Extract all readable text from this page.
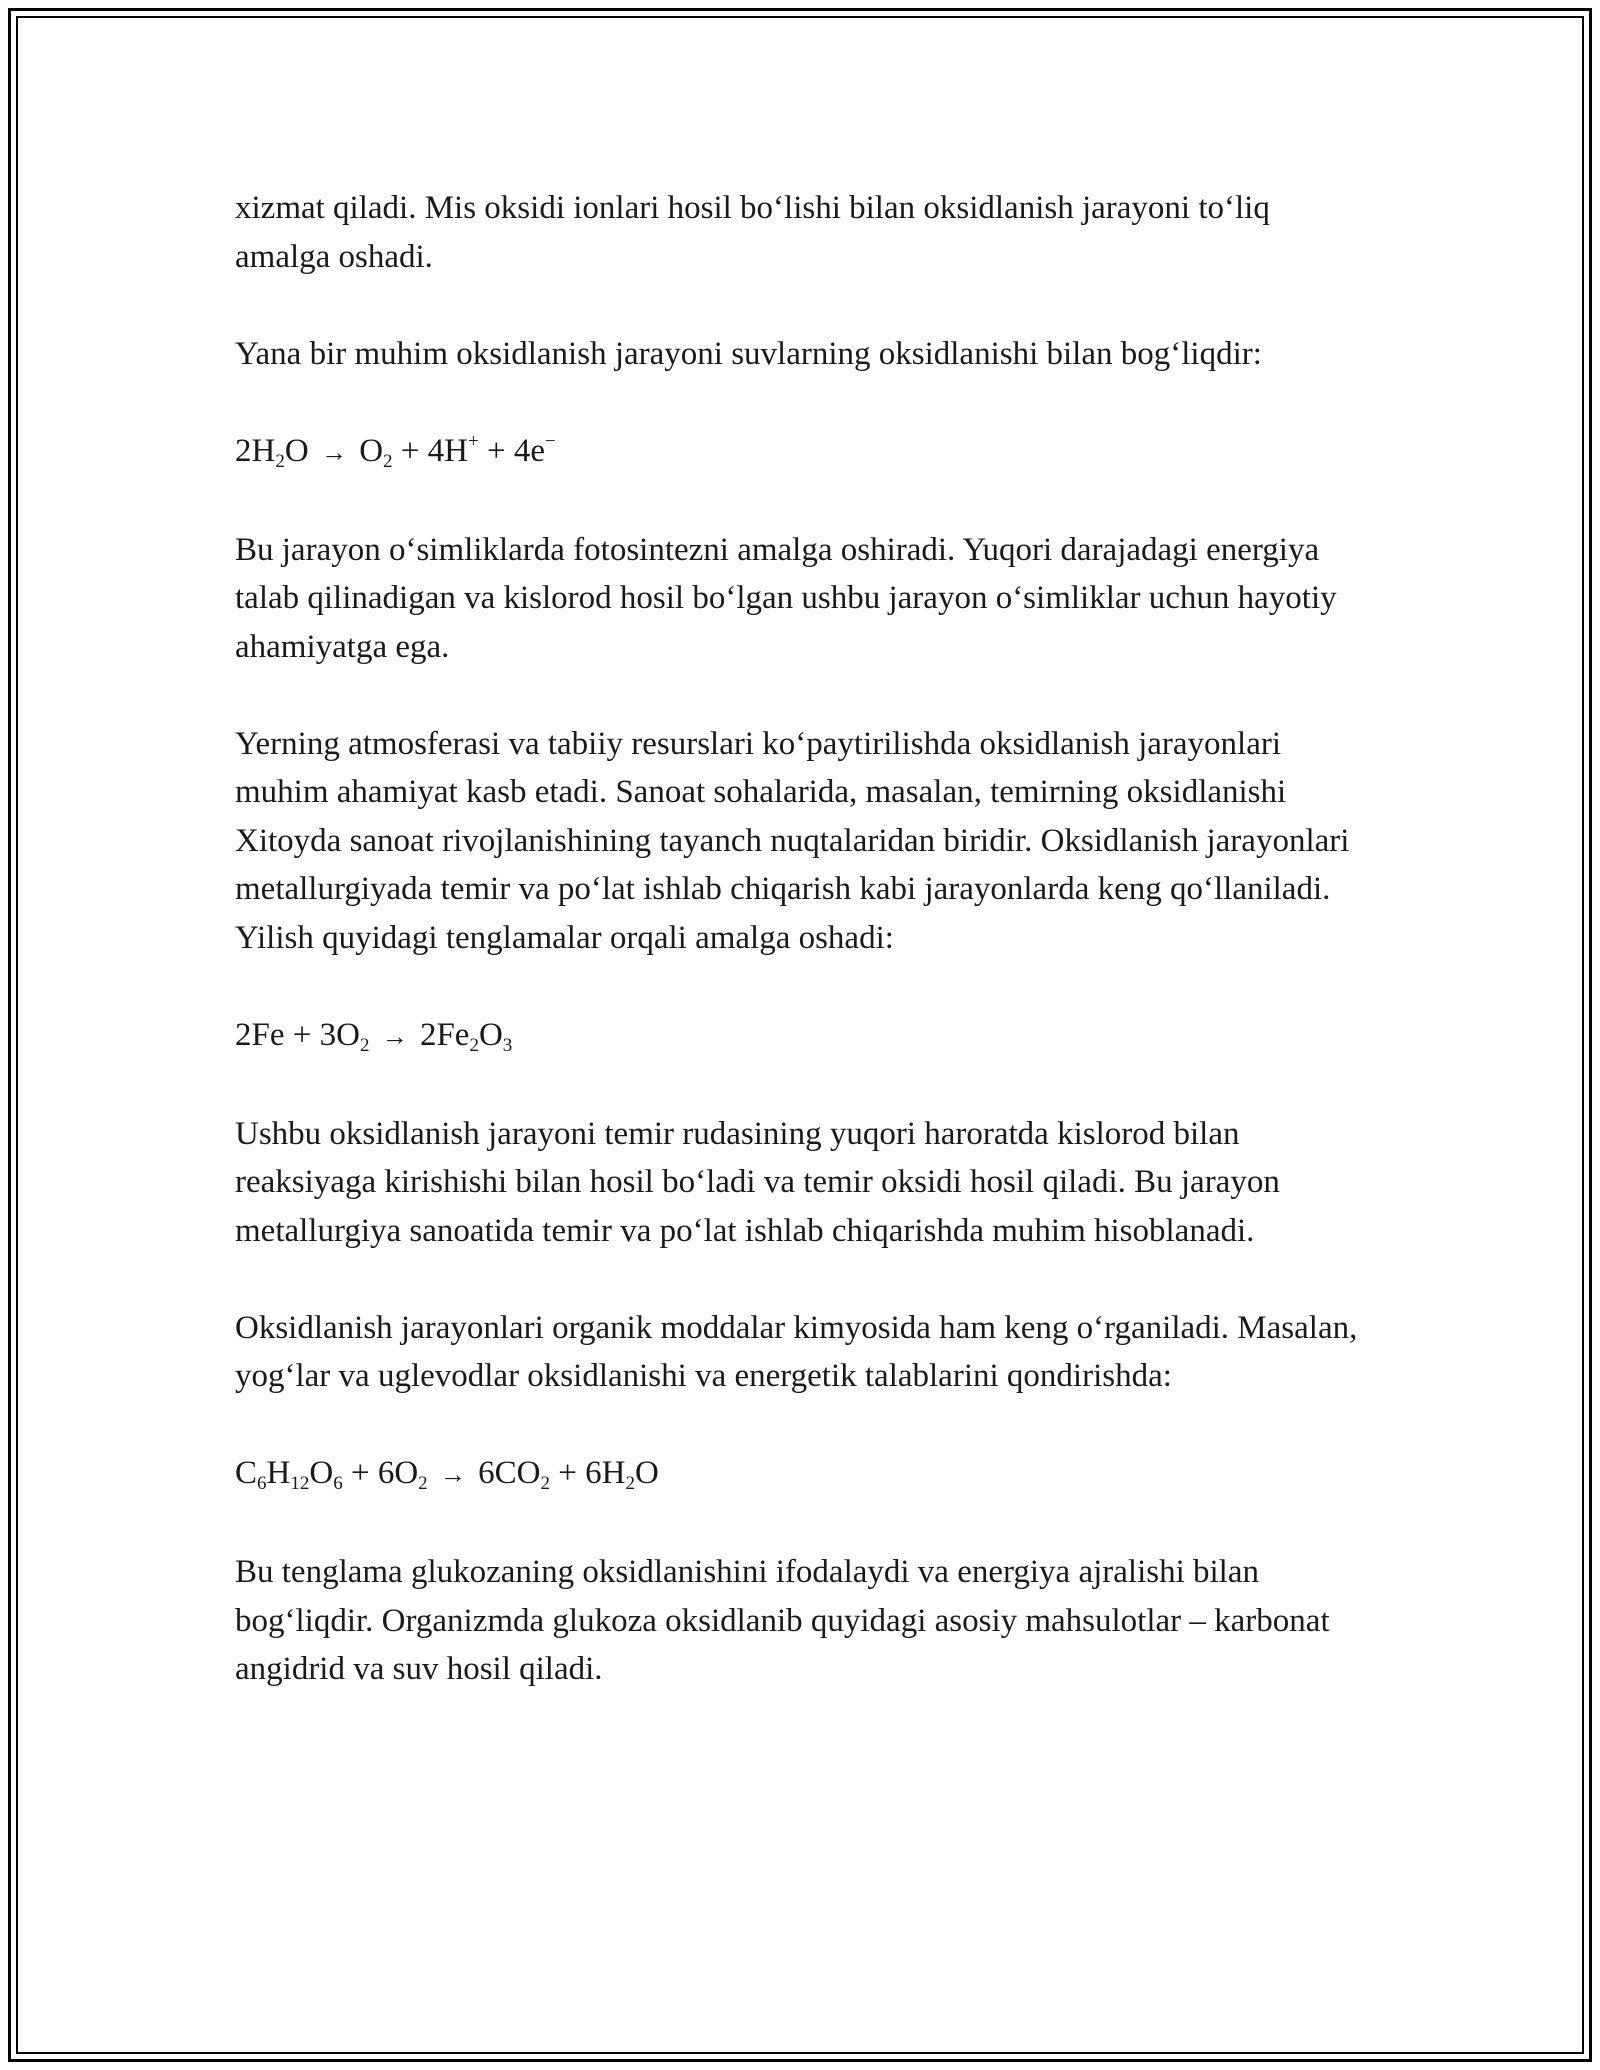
xizmat qiladi. Mis oksidi ionlari hosil bo‘lishi bilan oksidlanish jarayoni to‘liq amalga oshadi.

Yana bir muhim oksidlanish jarayoni suvlarning oksidlanishi bilan bog‘liqdir:

$2H_2O \to O_2 + 4H^+ + 4e^-$

Bu jarayon o‘simliklarda fotosintezni amalga oshiradi. Yuqori darajadagi energiya talab qilinadigan va kislorod hosil bo‘lgan ushbu jarayon o‘simliklar uchun hayotiy ahamiyatga ega.

Yerning atmosferasi va tabiiy resurslari ko‘paytirilishda oksidlanish jarayonlari muhim ahamiyat kasb etadi. Sanoat sohalarida, masalan, temirning oksidlanishi Xitoyda sanoat rivojlanishining tayanch nuqtalaridan biridir. Oksidlanish jarayonlari metallurgiyada temir va po‘lat ishlab chiqarish kabi jarayonlarda keng qo‘llaniladi. Yilish quyidagi tenglamalar orqali amalga oshadi:

$2Fe + 3O_2 \to 2Fe_2O_3$

Ushbu oksidlanish jarayoni temir rudasining yuqori haroratda kislorod bilan reaksiyaga kirishishi bilan hosil bo‘ladi va temir oksidi hosil qiladi. Bu jarayon metallurgiya sanoatida temir va po‘lat ishlab chiqarishda muhim hisoblanadi.

Oksidlanish jarayonlari organik moddalar kimyosida ham keng o‘rganiladi. Masalan, yog‘lar va uglevodlar oksidlanishi va energetik talablarini qondirishda:

$C_6H_{12}O_6 + 6O_2 \to 6CO_2 + 6H_2O$

Bu tenglama glukozaning oksidlanishini ifodalaydi va energiya ajralishi bilan bog‘liqdir. Organizmda glukoza oksidlanib quyidagi asosiy mahsulotlar – karbonat angidrid va suv hosil qiladi.
